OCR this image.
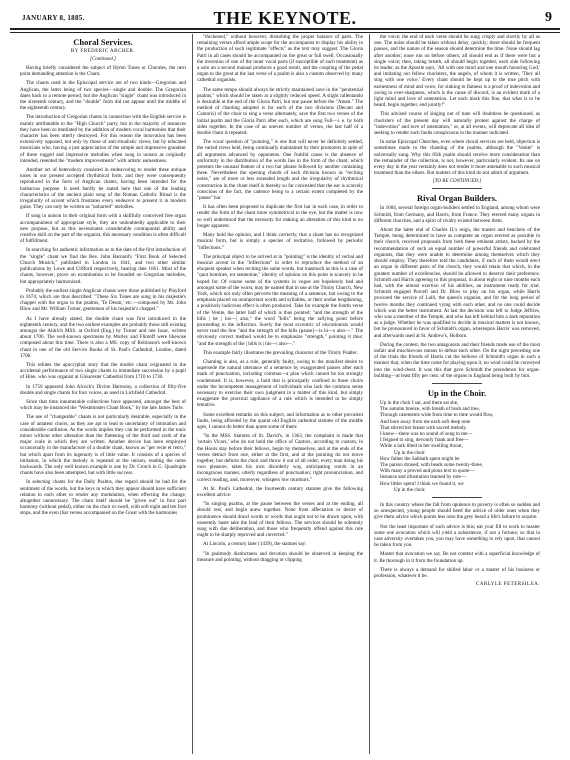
JANUARY 8, 1885.	THE KEYNOTE.	9
Choral Services.
BY FREDERIC ARCHER.
[Continued.]

Having briefly considered the subject of Hymn Tunes or Chorales, the next point demanding attention is the Chant.

The chants used in the Episcopal service are of two kinds—Gregorian and Anglican, the latter being of two species—single and double. The Gregorian dates back to a remote period, but the Anglican "single" chant was introduced in the sixteenth century, and the "double" form did not appear until the middle of the eighteenth century.

The introduction of Gregorian chants in connection with the English service is mainly attributable to the "High Church" party, but in the majority of instances they have been so mutilated by the addition of modern vocal harmonies that their character has been utterly destroyed. For this reason the innovation has been extensively opposed, not only by those of anti-ritualistic views, but by educated musicians who, having a just appreciation of the simple and impressive grandeur of these rugged and impressive melodies when sung in unison as originally intended, resented the "modern improvements" with artistic earnestness.

Another act of heterodoxy consisted in endeavoring to render these antique tones in our present accepted rhythmical form, and they were consequently reproduced in the form of Anglican chants, having been intended for the barbarous purpose. It need hardly be stated here that one of the leading characteristics of the ancient plain song of the Roman Catholic Ritual is the irregularity of accent which frustrates every endeavor to present it in modern guise. They can only be written as "unbarred" melodies.

If sung in unison in their original form with a skillfully conceived free organ accompaniment of appropriate style, they are undoubtedly applicable to their new purpose, but as this necessitates considerable contrapuntal ability and creative skill on the part of the organist, this necessary condition is often difficult of fulfillment.

In searching for authentic information as to the date of the first introduction of the "single" chant we find the Rev. John Barnard's "First Book of Selected Church Musick," published in London in 1641, and two other similar publications by Lowe and Clifford respectively, bearing date 1661. Most of the chants, however, prove on examination to be founded on Gregorian melodies, but appropriately harmonized.

Probably the earliest single Anglican chants were those published by Playford in 1674, which are thus described: "These Six Tunes are sung in his majestie's chappel with the organ to the psalms, 'Te Deum,' etc.—composed by Mr. John Blow and Mr. William Turner, gentlemen of his majestie's chappel."

As I have already stated, the double chant was first introduced in the eighteenth century, and the two earliest examples are probably those still existing amongst the Aldrich MSS. at Oxford (Eng.) by Turner and one Isaac, written about 1706. The well-known specimens by Morley and Flintoff were likewise composed about this time. There is also a MS. copy of Robinson's well-known chant in one of the old Service Books of St. Paul's Cathedral, London, dated 1706.

This refutes the apocryphal story that the double chant originated in the accidental performance of two single chants in immediate succession by a pupil of Hine, who was organist at Gloucester Cathedral from 1710 to 1730.

In 1750 appeared John Alcock's Divine Harmony, a collection of fifty-five double and single chants for four voices, as used in Lichfield Cathedral.

Since that time innumerable collections have appeared, amongst the best of which may be instanced the "Westminster Chant Book," by the late James Turle.

The use of "changeable" chants is not particularly desirable, especially in the case of amateur choirs, as they are apt to lead to uncertainty of intonation and considerable confusion. As the words implies they can be performed in the tonic minor without other alteration than the flattening of the third and sixth of the major scale in which they are written. Another device has been employed occasionally in the manufacture of a double chant, known as "per recte et retro," but which apart from its ingenuity is of little value. It consists of a species of imitation, in which the melody is repeated at the unison, reading the notes backwards. The only well known example is one by Dr. Crotch in G. Quadruple chants have also been attempted, but with little success.

In selecting chants for the Daily Psalms, due regard should be had for the sentiment of the words, but the keys in which they appear should have sufficient relation to each other to render any modulation, when effecting the change, altogether unnecessary. The chant itself should be "given out" in four part harmony (without pedal), either on the choir or swell, with soft eight and ten foot stops, and the even (bar verses accompanied on the Great with the harmonies

"thickened," without however, disturbing the proper balance of parts. The remaining verses afford ample scope for the accompanist to display his ability in the production of such legitimate "effects" as the text may suggest. The Gloria Patri in all cases should be accompanied on the great or full swell. Occasionally the inversion of one of the inner vocal parts (if susceptible of such treatment) as a solo on a second manual produces a good result, and the coupling of the pedal organ to the great at the last verse of a psalm is also a custom observed by many cathedral organists.

The same tempo should always be strictly maintained save in the "penitential psalms," which should be taken at a slightly reduced speed. A slight rallentando is desirable at the end of the Gloria Patri, but one pause before the "Amen." The method of chanting adopted is for each of the two divisions (Decani and Cantoris) of the choir to sing a verse alternately, save the first two verses of the initial psalm and the Gloria Patri after each, which are sung Full—i. e. by both sides together. In the case of an uneven number of verses, the last half of a double chant is repeated.

The vocal question of "pointing," is one that will never be definitely settled, the varied views held, being continually maintained by their promoters in spite of all arguments advanced by opponents. One fruitful cause is the absence of uniformity in the distribution of the words lies in the form of the chant, which presents the unusual feature of a two bar phrase followed by another containing three. Nevertheless the opening chords of each division known as "reciting notes," are of more or less extended length and the irregularity of rhythmical construction in the chant itself is thereby so far concealed that the ear is scarcely conscious of the fact, the cadence being to a certain extent completed by the "pause" bar.

It has often been proposed to duplicate the first bar in each case, in order to render the form of the chant more symmetrical to the eye, but the matter is now so well understood that the necessity for making an alteration of this kind is no longer apparent.

Many hold the opinion, and I think correctly, that a chant has no recognized musical form, but is simply a species of recitative, followed by periodic "inflections."

The principal object to be arrived at in "pointing" is the identity of verbal and musical accent in the "inflections" in order to reproduce the method of an eloquent speaker when reciting the same words, but inasmuch as this is a case of "quot homines, tot sententiae," identity of opinion on this point is scarcely to be hoped for. Of course some of the systems in vogue are hopelessly bad and amongst some of the worst, may be named that in use at the Trinity Church, New York, which not only often perverts the meaning of a sentence, but owing to the emphasis placed on unimportant words and syllables, or their undue lengthening, a positively ludicrous effect is often produced. Take for example the fourth verse of the Venite, the latter half of which is thus pointed: "and the strength of the hills | be | his—| also," the word "hills" being the rallying point before proceeding to the inflection. Surely the most eccentric of elocutionists would never read the line "and the strength of the hills (pause)—is hi—s also—." The obviously correct method would be to emphasize "strength," pointing it thus: "and the strength of the | hills is | his—| also—."

This example fairly illustrates the prevailing character of the Trinity Psalter.

Chanting is also, as a rule, generally faulty, owing to the manifest desire to supersede the natural utterance of a sentence by exaggerated pauses after each mark of punctuation, including commas—a plan which cannot be too strongly condemned. It is, however, a fault that is principally confined to those choirs under the incompetent management of individuals who lack the common sense necessary to exercise their own judgment in a matter of this kind, but simply exaggerate the practical appliance of a rule which is intended to be simply tentative.

Some excellent remarks on this subject, and information as to other prevalent faults, being afforded by the quaint old English cathedral statutes of the middle ages, I cannot do better than quote some of them:

"In the MSS. Statutes of St. David's, in 1363, the complaint is made that 'certain Vicars,' who do not hold the office of Cantors, according to custom, in the Hours stay before their fellows, begin by themselves, and at the ends of the verses detract from one, either at the first, and at the pointing do not move together, but deform the choir and throw it out of all order; every man doing his own pleasure, takes his own disorderly way, anticipating words in an incongruous manner, utterly regardless of punctuation; right pronunciation, and correct reading, and, moreover, whispers low murmurs."

At St. Paul's Cathedral, the fourteenth century statutes give the following excellent advice:

"In singing psalms, at the pause between the verses and at the ending, all should rest, and begin anew together. None from affectation or desire of prominence should drawl words or words that ought not to be drawn upon, with unseemly haste take the lead of their fellows. The services should be solemnly sung with due deliberation, and those who frequently offend against this rule ought to be sharply reproved and corrected."

At Lincoln, a century later (1439), the statutes say:

"In psalmody distinctness and devotion should be observed in keeping the measure and pointing, without dragging or clipping

the voice; the end of each verse should be sung crisply and shortly by all as one. The noise should be taken without delay, quickly; there should be frequent pauses, and the nature of the season should determine the time. None should lag after another; none run on before others; all should end as if there were but a single voice; then, taking breath, all should begin together, each side following its leader, as the Apostle says, 'All with one mind and one mouth honoring God,' and imitating our fellow choristers, the angels, of whom it is written, 'They all sing with one voice.' Every chant should be kept up to the true pitch with earnestness of mind and voice, for sinking to flatness is a proof of indevotion and owing to over-sharpness, which is the cause of discord, is an evident mark of a light mind and love of ostentation. Let each mark this fine, that what is to be heard, begin together, end jointly!"

This advised course of singing out of tune will doubtless be questioned, as choristers of the present day will naturally protest against the charge of "indevotion" and love of ostentation," or, at all events, will deprecate all idea of seeking to render such faults conspicuous in the manner indicated.

In some Episcopal Churches, even where choral services are held, objection is sometimes made to the chanting of the psalms, although the "Venite" is universally sung. Why this 85th psalm should receive more consideration than the remainder of the collection, is not, however, particularly evident. Its use on every day in the year certainly does not render it more amenable to such musical treatment than the others. But matters of this kind do not admit of argument.

[TO BE CONTINUED.]
Rival Organ Builders.

In 1684, several foreign organ-builders settled in England, among whom were Schmidt, from Germany, and Harris, from France. They erected many organs in different churches, and a spirit of rivalry existed between them.

About the latter end of Charles II.'s reign, the master and benchers of the Temple, being determined to have as complete an organ erected as possible in their church, received proposals from both these eminent artists, backed by the recommendation of such an equal number of powerful friends and celebrated organists, that they were unable to determine among themselves which they should employ. They therefore told the candidates, if each of them would erect an organ in different parts of the church, they would retain that which, in the greatest number of excellencies, should be allowed to deserve their preference. Schmidt and Harris agreeing to this proposal, in about eight or nine months each had, with the utmost exertion of his abilities, an instrument ready for trial. Schmidt engaged Purcell and Dr. Blow to play on his organ, while Harris procured the service of Lulli, the queen's organist, and for the long period of twelve months they continued vying with each other, and no one could decide which was the better instrument. At last the decision was left to Judge Jeffries, who was a member of the Temple, and who has left behind him a dark reputation as a judge. Whether he was qualified to decide in musical matters is not known, but he pronounced in favor of Schmidt's organ, whereupon Harris' was removed, and afterwards used at St. Andrew's, Holborn.

During the contest, the two antagonists and their friends made use of the most unfair and mischievous means to defeat each other. On the night preceding one of the trials the friends of Harris cut the bellows of Schmidt's organ in such a manner that, when the time came for playing upon it, no wind could be conveyed into the wind-chest. It was this that gave Schmidt the precedence for organ-building—at least fifty per cent. of the organs in England being built by him.

Up in the Choir.
Up in the choir I sat, and there sat she,
The autumn breeze, with breath of bush and tree,
Through casements wide from time to time would flow,
And bore away from me each soft deep note
That stirred her breast with sacred melody.
I knew—there was no sound of song to me—
I feigned to sing, devoutly frank and free—
While a lark lilted in her swelling throat,
Up in the choir.
How father the Sabbath spent might be
The parson droned, with heads some twenty-three,
With many a proved and pious text to quote—
Instance and illustration learned by rote—
How littler spent! I think we found it, we
Up in the choir.

In this country where the fall from opulence to poverty is often so sudden and so unexpected, young people should heed the advice of older ones when they give them advice which points less onto the grey beard a life's failure to acquire.

Not the least important of such advice is this; eat your fill to work to master some one avocation which will yield a subsistence, if not a fortune; so that in case adversity overtakes you, you may have something to rely upon, that cannot be taken from you.

Master that avocation we say. Be not content with a superficial knowledge of it. Be thorough in it from the foundation up.

There is always a demand for skilled labor or a master of his business or profession, whatever it be.

CARLYLE PETERSILEA.
